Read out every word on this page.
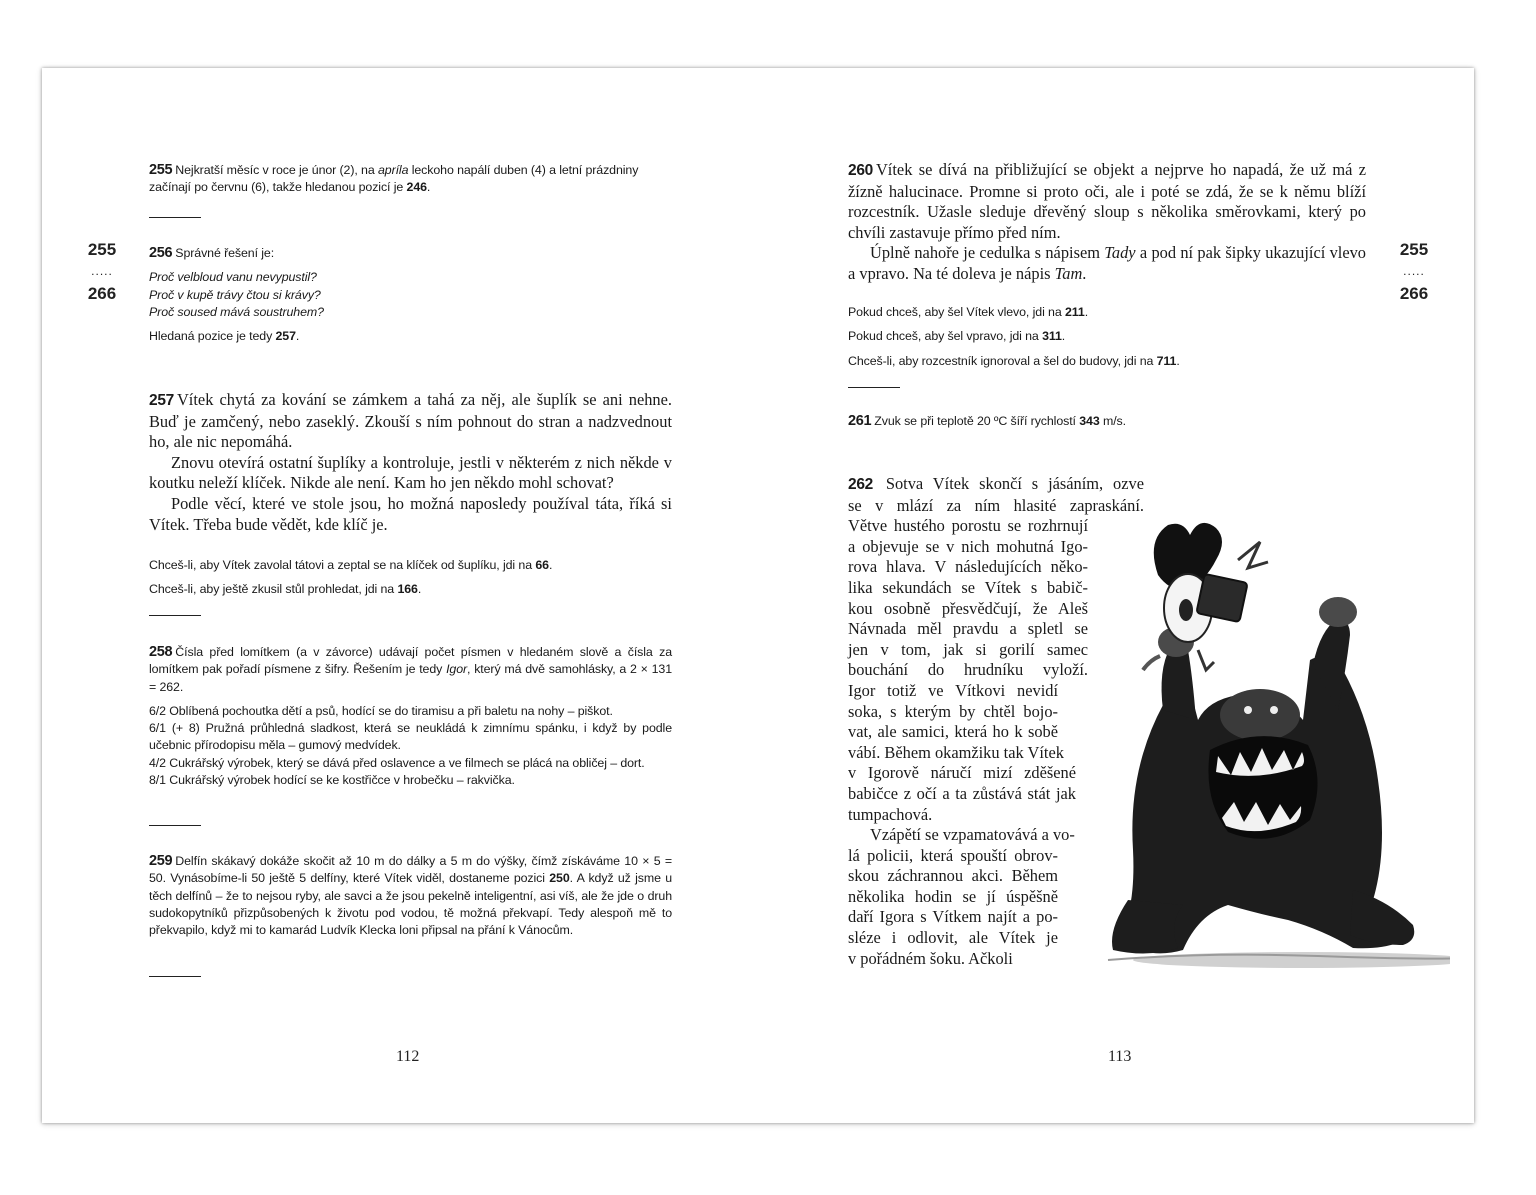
255
.....
266

255 Nejkratší měsíc v roce je únor (2), na apríla leckoho napálí duben (4) a letní prázdniny začínají po červnu (6), takže hledanou pozicí je 246.

256 Správné řešení je:

Proč velbloud vanu nevypustil?

Proč v kupě trávy čtou si krávy?

Proč soused mává soustruhem?

Hledaná pozice je tedy 257.

257 Vítek chytá za kování se zámkem a tahá za něj, ale šuplík se ani nehne. Buď je zamčený, nebo zaseklý. Zkouší s ním pohnout do stran a nadzvednout ho, ale nic nepomáhá.

Znovu otevírá ostatní šuplíky a kontroluje, jestli v některém z nich někde v koutku neleží klíček. Nikde ale není. Kam ho jen někdo mohl schovat?

Podle věcí, které ve stole jsou, ho možná naposledy používal táta, říká si Vítek. Třeba bude vědět, kde klíč je.

Chceš-li, aby Vítek zavolal tátovi a zeptal se na klíček od šuplíku, jdi na 66.

Chceš-li, aby ještě zkusil stůl prohledat, jdi na 166.

258 Čísla před lomítkem (a v závorce) udávají počet písmen v hledaném slově a čísla za lomítkem pak pořadí písmene z šifry. Řešením je tedy Igor, který má dvě samohlásky, a 2 × 131 = 262.

6/2 Oblíbená pochoutka dětí a psů, hodící se do tiramisu a při baletu na nohy – piškot.

6/1 (+ 8) Pružná průhledná sladkost, která se neukládá k zimnímu spánku, i když by podle učebnic přírodopisu měla – gumový medvídek.

4/2 Cukrářský výrobek, který se dává před oslavence a ve filmech se plácá na obličej – dort.

8/1 Cukrářský výrobek hodící se ke kostřičce v hrobečku – rakvička.

259 Delfín skákavý dokáže skočit až 10 m do dálky a 5 m do výšky, čímž získáváme 10 × 5 = 50. Vynásobíme-li 50 ještě 5 delfíny, které Vítek viděl, dostaneme pozici 250. A když už jsme u těch delfínů – že to nejsou ryby, ale savci a že jsou pekelně inteligentní, asi víš, ale že jde o druh sudokopytníků přizpůsobených k životu pod vodou, tě možná překvapí. Tedy alespoň mě to překvapilo, když mi to kamarád Ludvík Klecka loni připsal na přání k Vánocům.

112
255
.....
266

260 Vítek se dívá na přibližující se objekt a nejprve ho napadá, že už má z žízně halucinace. Promne si proto oči, ale i poté se zdá, že se k němu blíží rozcestník. Užasle sleduje dřevěný sloup s několika směrovkami, který po chvíli zastavuje přímo před ním.

Úplně nahoře je cedulka s nápisem Tady a pod ní pak šipky ukazující vlevo a vpravo. Na té doleva je nápis Tam.

Pokud chceš, aby šel Vítek vlevo, jdi na 211.

Pokud chceš, aby šel vpravo, jdi na 311.

Chceš-li, aby rozcestník ignoroval a šel do budovy, jdi na 711.

261 Zvuk se při teplotě 20 ºC šíří rychlostí 343 m/s.

262 Sotva Vítek skončí s jásáním, ozve
se v mlází za ním hlasité zapraskání.
Větve hustého porostu se rozhrnují
a objevuje se v nich mohutná Igo-
rova hlava. V následujících něko-
lika sekundách se Vítek s babič-
kou osobně přesvědčují, že Aleš
Návnada měl pravdu a spletl se
jen v tom, jak si gorilí samec
bouchání do hrudníku vyloží.
Igor totiž ve Vítkovi nevidí
soka, s kterým by chtěl bojo-
vat, ale samici, která ho k sobě
vábí. Během okamžiku tak Vítek
v Igorově náručí mizí zděšené
babičce z očí a ta zůstává stát jak
tumpachová.
Vzápětí se vzpamatovává a vo-
lá policii, která spouští obrov-
skou záchrannou akci. Během
několika hodin se jí úspěšně
daří Igora s Vítkem najít a po-
sléze i odlovit, ale Vítek je
v pořádném šoku. Ačkoli
113
